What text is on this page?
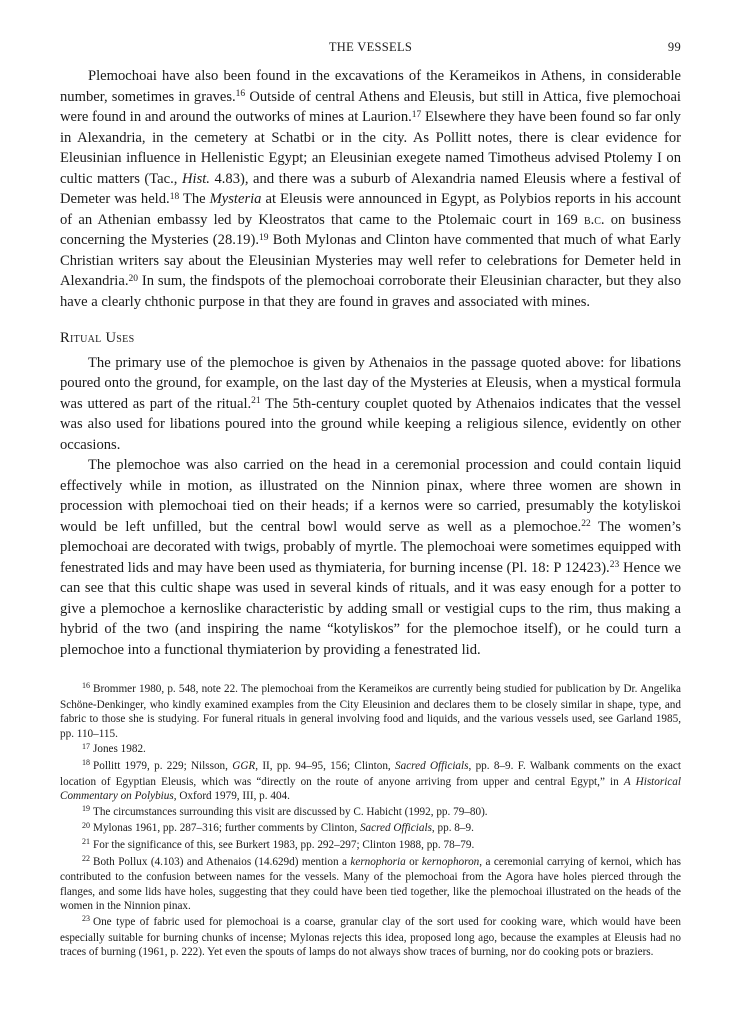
THE VESSELS	99

Plemochoai have also been found in the excavations of the Kerameikos in Athens, in considerable number, sometimes in graves.$^{16}$ Outside of central Athens and Eleusis, but still in Attica, five plemochoai were found in and around the outworks of mines at Laurion.$^{17}$ Elsewhere they have been found so far only in Alexandria, in the cemetery at Schatbi or in the city. As Pollitt notes, there is clear evidence for Eleusinian influence in Hellenistic Egypt; an Eleusinian exegete named Timotheus advised Ptolemy I on cultic matters (Tac., Hist. 4.83), and there was a suburb of Alexandria named Eleusis where a festival of Demeter was held.$^{18}$ The Mysteria at Eleusis were announced in Egypt, as Polybios reports in his account of an Athenian embassy led by Kleostratos that came to the Ptolemaic court in 169 b.c. on business concerning the Mysteries (28.19).$^{19}$ Both Mylonas and Clinton have commented that much of what Early Christian writers say about the Eleusinian Mysteries may well refer to celebrations for Demeter held in Alexandria.$^{20}$ In sum, the findspots of the plemochoai corroborate their Eleusinian character, but they also have a clearly chthonic purpose in that they are found in graves and associated with mines.

Ritual Uses

The primary use of the plemochoe is given by Athenaios in the passage quoted above: for libations poured onto the ground, for example, on the last day of the Mysteries at Eleusis, when a mystical formula was uttered as part of the ritual.$^{21}$ The 5th-century couplet quoted by Athenaios indicates that the vessel was also used for libations poured into the ground while keeping a religious silence, evidently on other occasions.

The plemochoe was also carried on the head in a ceremonial procession and could contain liquid effectively while in motion, as illustrated on the Ninnion pinax, where three women are shown in procession with plemochoai tied on their heads; if a kernos were so carried, presumably the kotyliskoi would be left unfilled, but the central bowl would serve as well as a plemochoe.$^{22}$ The women’s plemochoai are decorated with twigs, probably of myrtle. The plemochoai were sometimes equipped with fenestrated lids and may have been used as thymiateria, for burning incense (Pl. 18: P 12423).$^{23}$ Hence we can see that this cultic shape was used in several kinds of rituals, and it was easy enough for a potter to give a plemochoe a kernoslike characteristic by adding small or vestigial cups to the rim, thus making a hybrid of the two (and inspiring the name “kotyliskos” for the plemochoe itself), or he could turn a plemochoe into a functional thymiaterion by providing a fenestrated lid.

$^{16}$ Brommer 1980, p. 548, note 22. The plemochoai from the Kerameikos are currently being studied for publication by Dr. Angelika Schöne-Denkinger, who kindly examined examples from the City Eleusinion and declares them to be closely similar in shape, type, and fabric to those she is studying. For funeral rituals in general involving food and liquids, and the various vessels used, see Garland 1985, pp. 110–115.

$^{17}$ Jones 1982.

$^{18}$ Pollitt 1979, p. 229; Nilsson, GGR, II, pp. 94–95, 156; Clinton, Sacred Officials, pp. 8–9. F. Walbank comments on the exact location of Egyptian Eleusis, which was “directly on the route of anyone arriving from upper and central Egypt,” in A Historical Commentary on Polybius, Oxford 1979, III, p. 404.

$^{19}$ The circumstances surrounding this visit are discussed by C. Habicht (1992, pp. 79–80).

$^{20}$ Mylonas 1961, pp. 287–316; further comments by Clinton, Sacred Officials, pp. 8–9.

$^{21}$ For the significance of this, see Burkert 1983, pp. 292–297; Clinton 1988, pp. 78–79.

$^{22}$ Both Pollux (4.103) and Athenaios (14.629d) mention a kernophoria or kernophoron, a ceremonial carrying of kernoi, which has contributed to the confusion between names for the vessels. Many of the plemochoai from the Agora have holes pierced through the flanges, and some lids have holes, suggesting that they could have been tied together, like the plemochoai illustrated on the heads of the women in the Ninnion pinax.

$^{23}$ One type of fabric used for plemochoai is a coarse, granular clay of the sort used for cooking ware, which would have been especially suitable for burning chunks of incense; Mylonas rejects this idea, proposed long ago, because the examples at Eleusis had no traces of burning (1961, p. 222). Yet even the spouts of lamps do not always show traces of burning, nor do cooking pots or braziers.
